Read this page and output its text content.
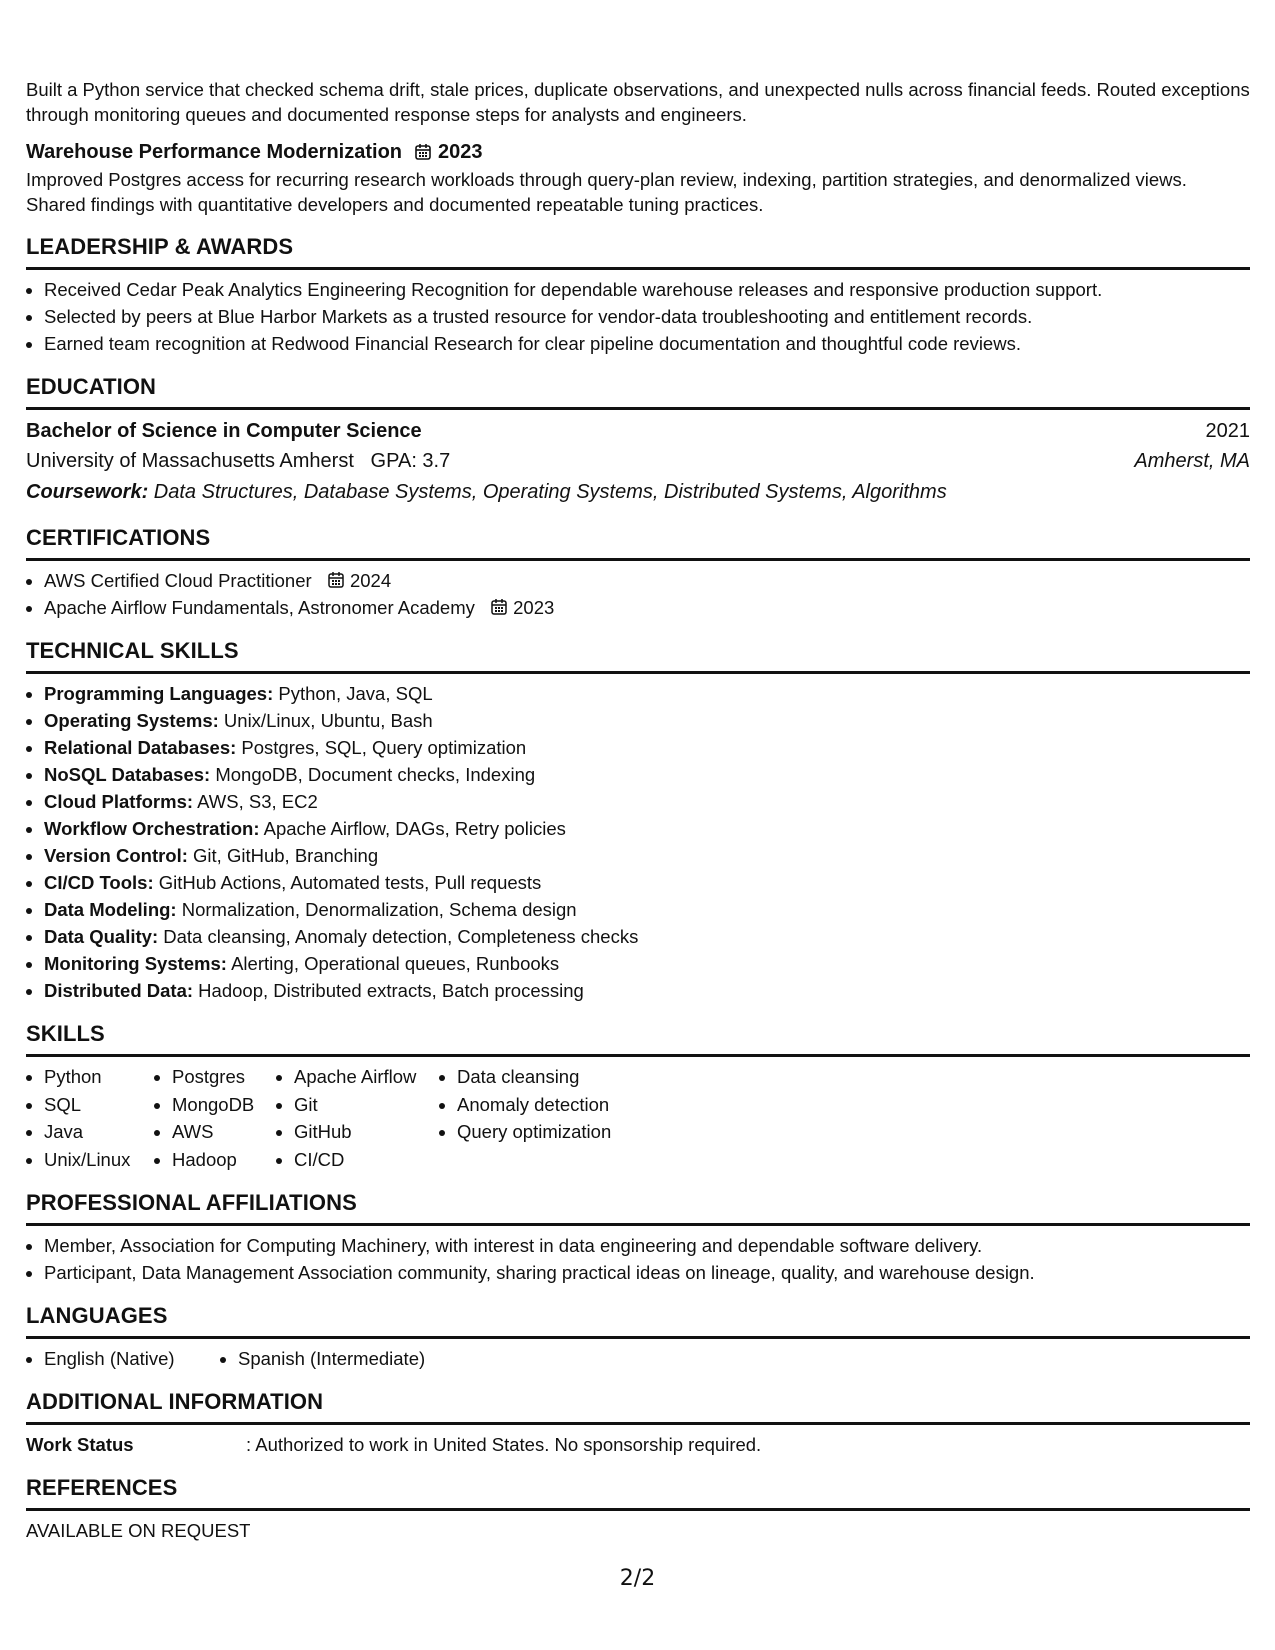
Built a Python service that checked schema drift, stale prices, duplicate observations, and unexpected nulls across financial feeds. Routed exceptions through monitoring queues and documented response steps for analysts and engineers.

Warehouse Performance Modernization 2023

Improved Postgres access for recurring research workloads through query-plan review, indexing, partition strategies, and denormalized views. Shared findings with quantitative developers and documented repeatable tuning practices.

LEADERSHIP & AWARDS
• Received Cedar Peak Analytics Engineering Recognition for dependable warehouse releases and responsive production support.
• Selected by peers at Blue Harbor Markets as a trusted resource for vendor-data troubleshooting and entitlement records.
• Earned team recognition at Redwood Financial Research for clear pipeline documentation and thoughtful code reviews.
EDUCATION
Bachelor of Science in Computer Science	2021
University of Massachusetts Amherst   GPA: 3.7	Amherst, MA
Coursework: Data Structures, Database Systems, Operating Systems, Distributed Systems, Algorithms
CERTIFICATIONS
• AWS Certified Cloud Practitioner 2024
• Apache Airflow Fundamentals, Astronomer Academy 2023
TECHNICAL SKILLS
• Programming Languages: Python, Java, SQL
• Operating Systems: Unix/Linux, Ubuntu, Bash
• Relational Databases: Postgres, SQL, Query optimization
• NoSQL Databases: MongoDB, Document checks, Indexing
• Cloud Platforms: AWS, S3, EC2
• Workflow Orchestration: Apache Airflow, DAGs, Retry policies
• Version Control: Git, GitHub, Branching
• CI/CD Tools: GitHub Actions, Automated tests, Pull requests
• Data Modeling: Normalization, Denormalization, Schema design
• Data Quality: Data cleansing, Anomaly detection, Completeness checks
• Monitoring Systems: Alerting, Operational queues, Runbooks
• Distributed Data: Hadoop, Distributed extracts, Batch processing
SKILLS
• Python
• SQL
• Java
• Unix/Linux
• Postgres
• MongoDB
• AWS
• Hadoop
• Apache Airflow
• Git
• GitHub
• CI/CD
• Data cleansing
• Anomaly detection
• Query optimization
PROFESSIONAL AFFILIATIONS
• Member, Association for Computing Machinery, with interest in data engineering and dependable software delivery.
• Participant, Data Management Association community, sharing practical ideas on lineage, quality, and warehouse design.
LANGUAGES
• English (Native)
•	Spanish (Intermediate)
ADDITIONAL INFORMATION
Work Status	: Authorized to work in United States. No sponsorship required.
REFERENCES
AVAILABLE ON REQUEST
2/2
